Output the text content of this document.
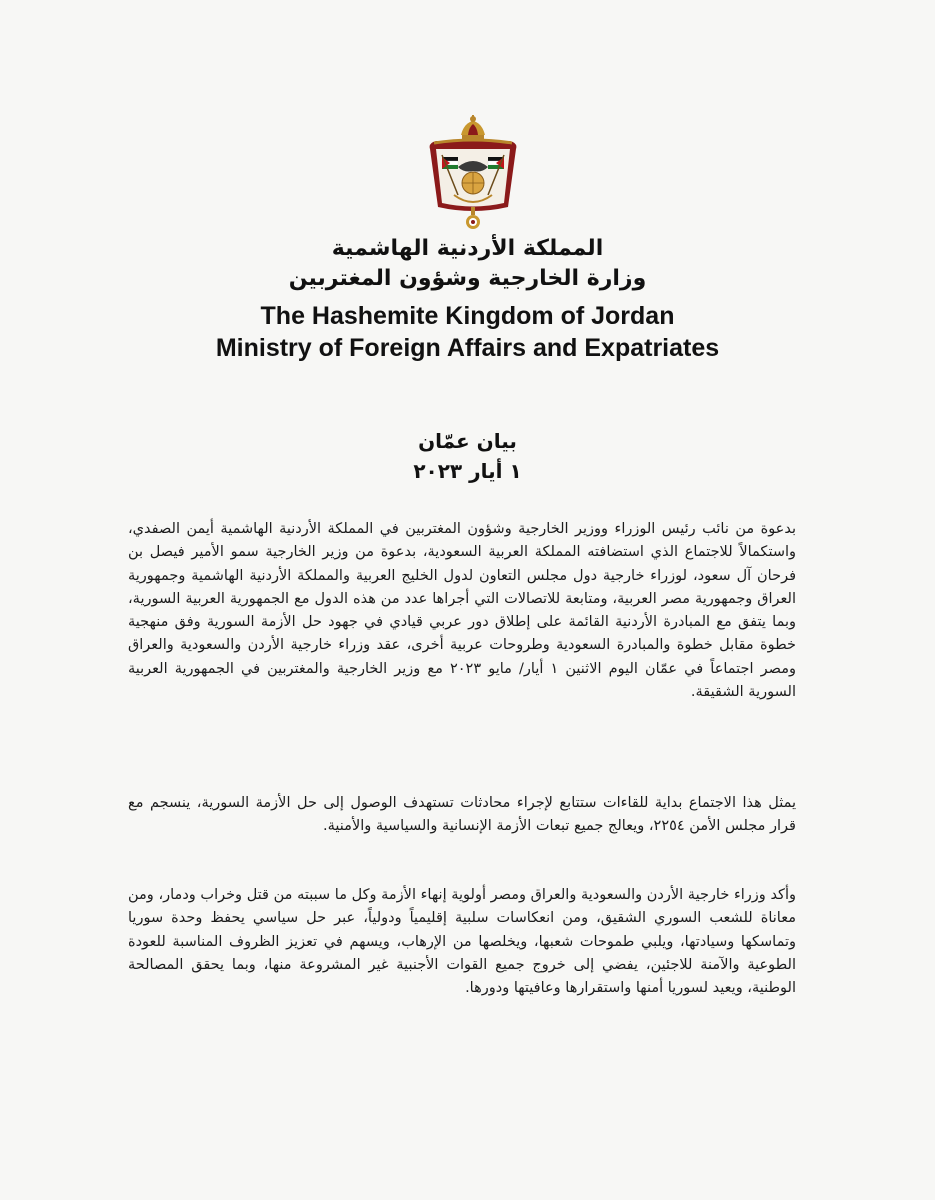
المملكة الأردنية الهاشمية
وزارة الخارجية وشؤون المغتربين
The Hashemite Kingdom of Jordan
Ministry of Foreign Affairs and Expatriates
بيان عمّان
١ أيار ٢٠٢٣
بدعوة من نائب رئيس الوزراء ووزير الخارجية وشؤون المغتربين في المملكة الأردنية الهاشمية أيمن الصفدي، واستكمالاً للاجتماع الذي استضافته المملكة العربية السعودية، بدعوة من وزير الخارجية سمو الأمير فيصل بن فرحان آل سعود، لوزراء خارجية دول مجلس التعاون لدول الخليج العربية والمملكة الأردنية الهاشمية وجمهورية العراق وجمهورية مصر العربية، ومتابعة للاتصالات التي أجراها عدد من هذه الدول مع الجمهورية العربية السورية، وبما يتفق مع المبادرة الأردنية القائمة على إطلاق دور عربي قيادي في جهود حل الأزمة السورية وفق منهجية خطوة مقابل خطوة والمبادرة السعودية وطروحات عربية أخرى، عقد وزراء خارجية الأردن والسعودية والعراق ومصر اجتماعاً في عمّان اليوم الاثنين ١ أيار/ مايو ٢٠٢٣ مع وزير الخارجية والمغتربين في الجمهورية العربية السورية الشقيقة.
يمثل هذا الاجتماع بداية للقاءات ستتابع لإجراء محادثات تستهدف الوصول إلى حل الأزمة السورية، ينسجم مع قرار مجلس الأمن ٢٢٥٤، ويعالج جميع تبعات الأزمة الإنسانية والسياسية والأمنية.
وأكد وزراء خارجية الأردن والسعودية والعراق ومصر أولوية إنهاء الأزمة وكل ما سببته من قتل وخراب ودمار، ومن معاناة للشعب السوري الشقيق، ومن انعكاسات سلبية إقليمياً ودولياً، عبر حل سياسي يحفظ وحدة سوريا وتماسكها وسيادتها، ويلبي طموحات شعبها، ويخلصها من الإرهاب، ويسهم في تعزيز الظروف المناسبة للعودة الطوعية والآمنة للاجئين، يفضي إلى خروج جميع القوات الأجنبية غير المشروعة منها، وبما يحقق المصالحة الوطنية، ويعيد لسوريا أمنها واستقرارها وعافيتها ودورها.
